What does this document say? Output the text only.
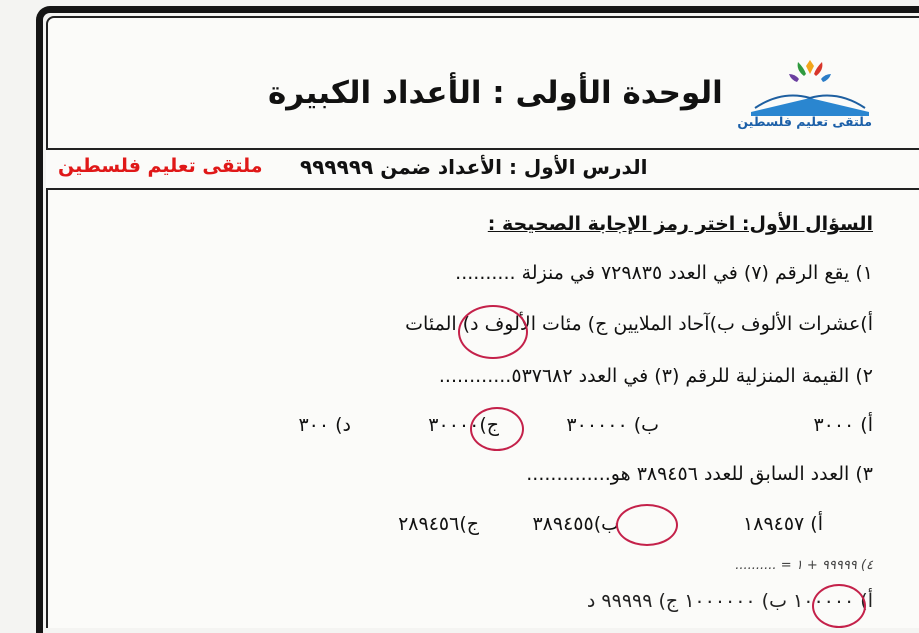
ملتقى تعليم فلسطين
الوحدة الأولى : الأعداد الكبيرة
الدرس الأول : الأعداد ضمن ٩٩٩٩٩٩
ملتقى تعليم فلسطين
السؤال الأول: اختر رمز الإجابة الصحيحة :
١) يقع الرقم (٧) في العدد ٧٢٩٨٣٥ في منزلة ..........
أ)عشرات الألوف ب)آحاد الملايين ج) مئات الألوف د) المئات
٢) القيمة المنزلية للرقم (٣) في العدد ٥٣٧٦٨٢............
أ) ٣٠٠٠
ب) ٣٠٠٠٠٠
ج)٣٠٠٠٠
د) ٣٠٠
٣) العدد السابق للعدد ٣٨٩٤٥٦ هو..............
أ) ١٨٩٤٥٧
ب)٣٨٩٤٥٥
ج)٢٨٩٤٥٦
٤) ٩٩٩٩٩ + ١ = ..........
أ) ١٠٠٠٠٠ ب) ١٠٠٠٠٠٠ ج) ٩٩٩٩٩ د
